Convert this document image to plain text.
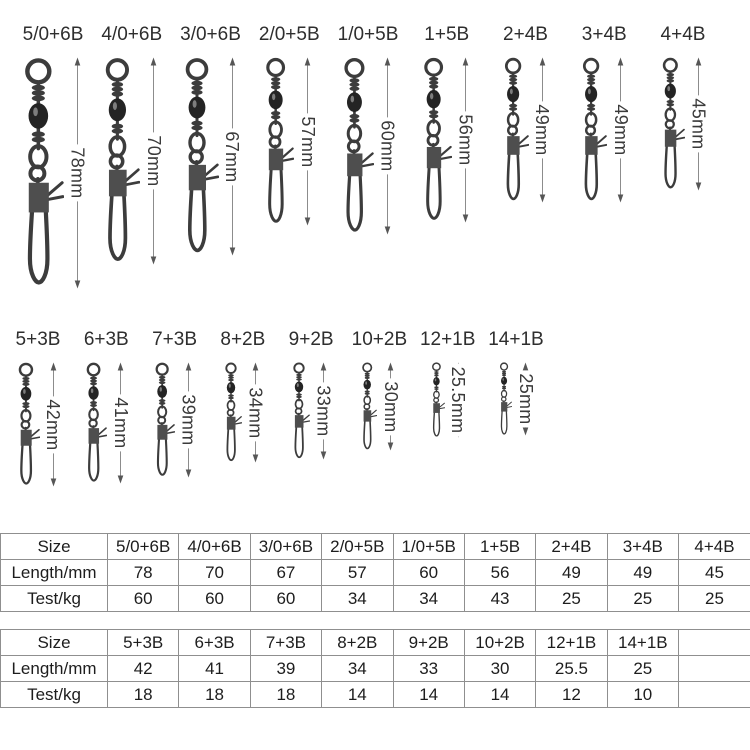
5/0+6B
78mm
4/0+6B
70mm
3/0+6B
67mm
2/0+5B
57mm
1/0+5B
60mm
1+5B
56mm
2+4B
49mm
3+4B
49mm
4+4B
45mm
5+3B
42mm
6+3B
41mm
7+3B
39mm
8+2B
34mm
9+2B
33mm
10+2B
30mm
12+1B
25.5mm
14+1B
25mm
Size	5/0+6B	4/0+6B	3/0+6B	2/0+5B	1/0+5B	1+5B	2+4B	3+4B	4+4B
Length/mm	78	70	67	57	60	56	49	49	45
Test/kg	60	60	60	34	34	43	25	25	25
Size	5+3B	6+3B	7+3B	8+2B	9+2B	10+2B	12+1B	14+1B	
Length/mm	42	41	39	34	33	30	25.5	25	
Test/kg	18	18	18	14	14	14	12	10	
